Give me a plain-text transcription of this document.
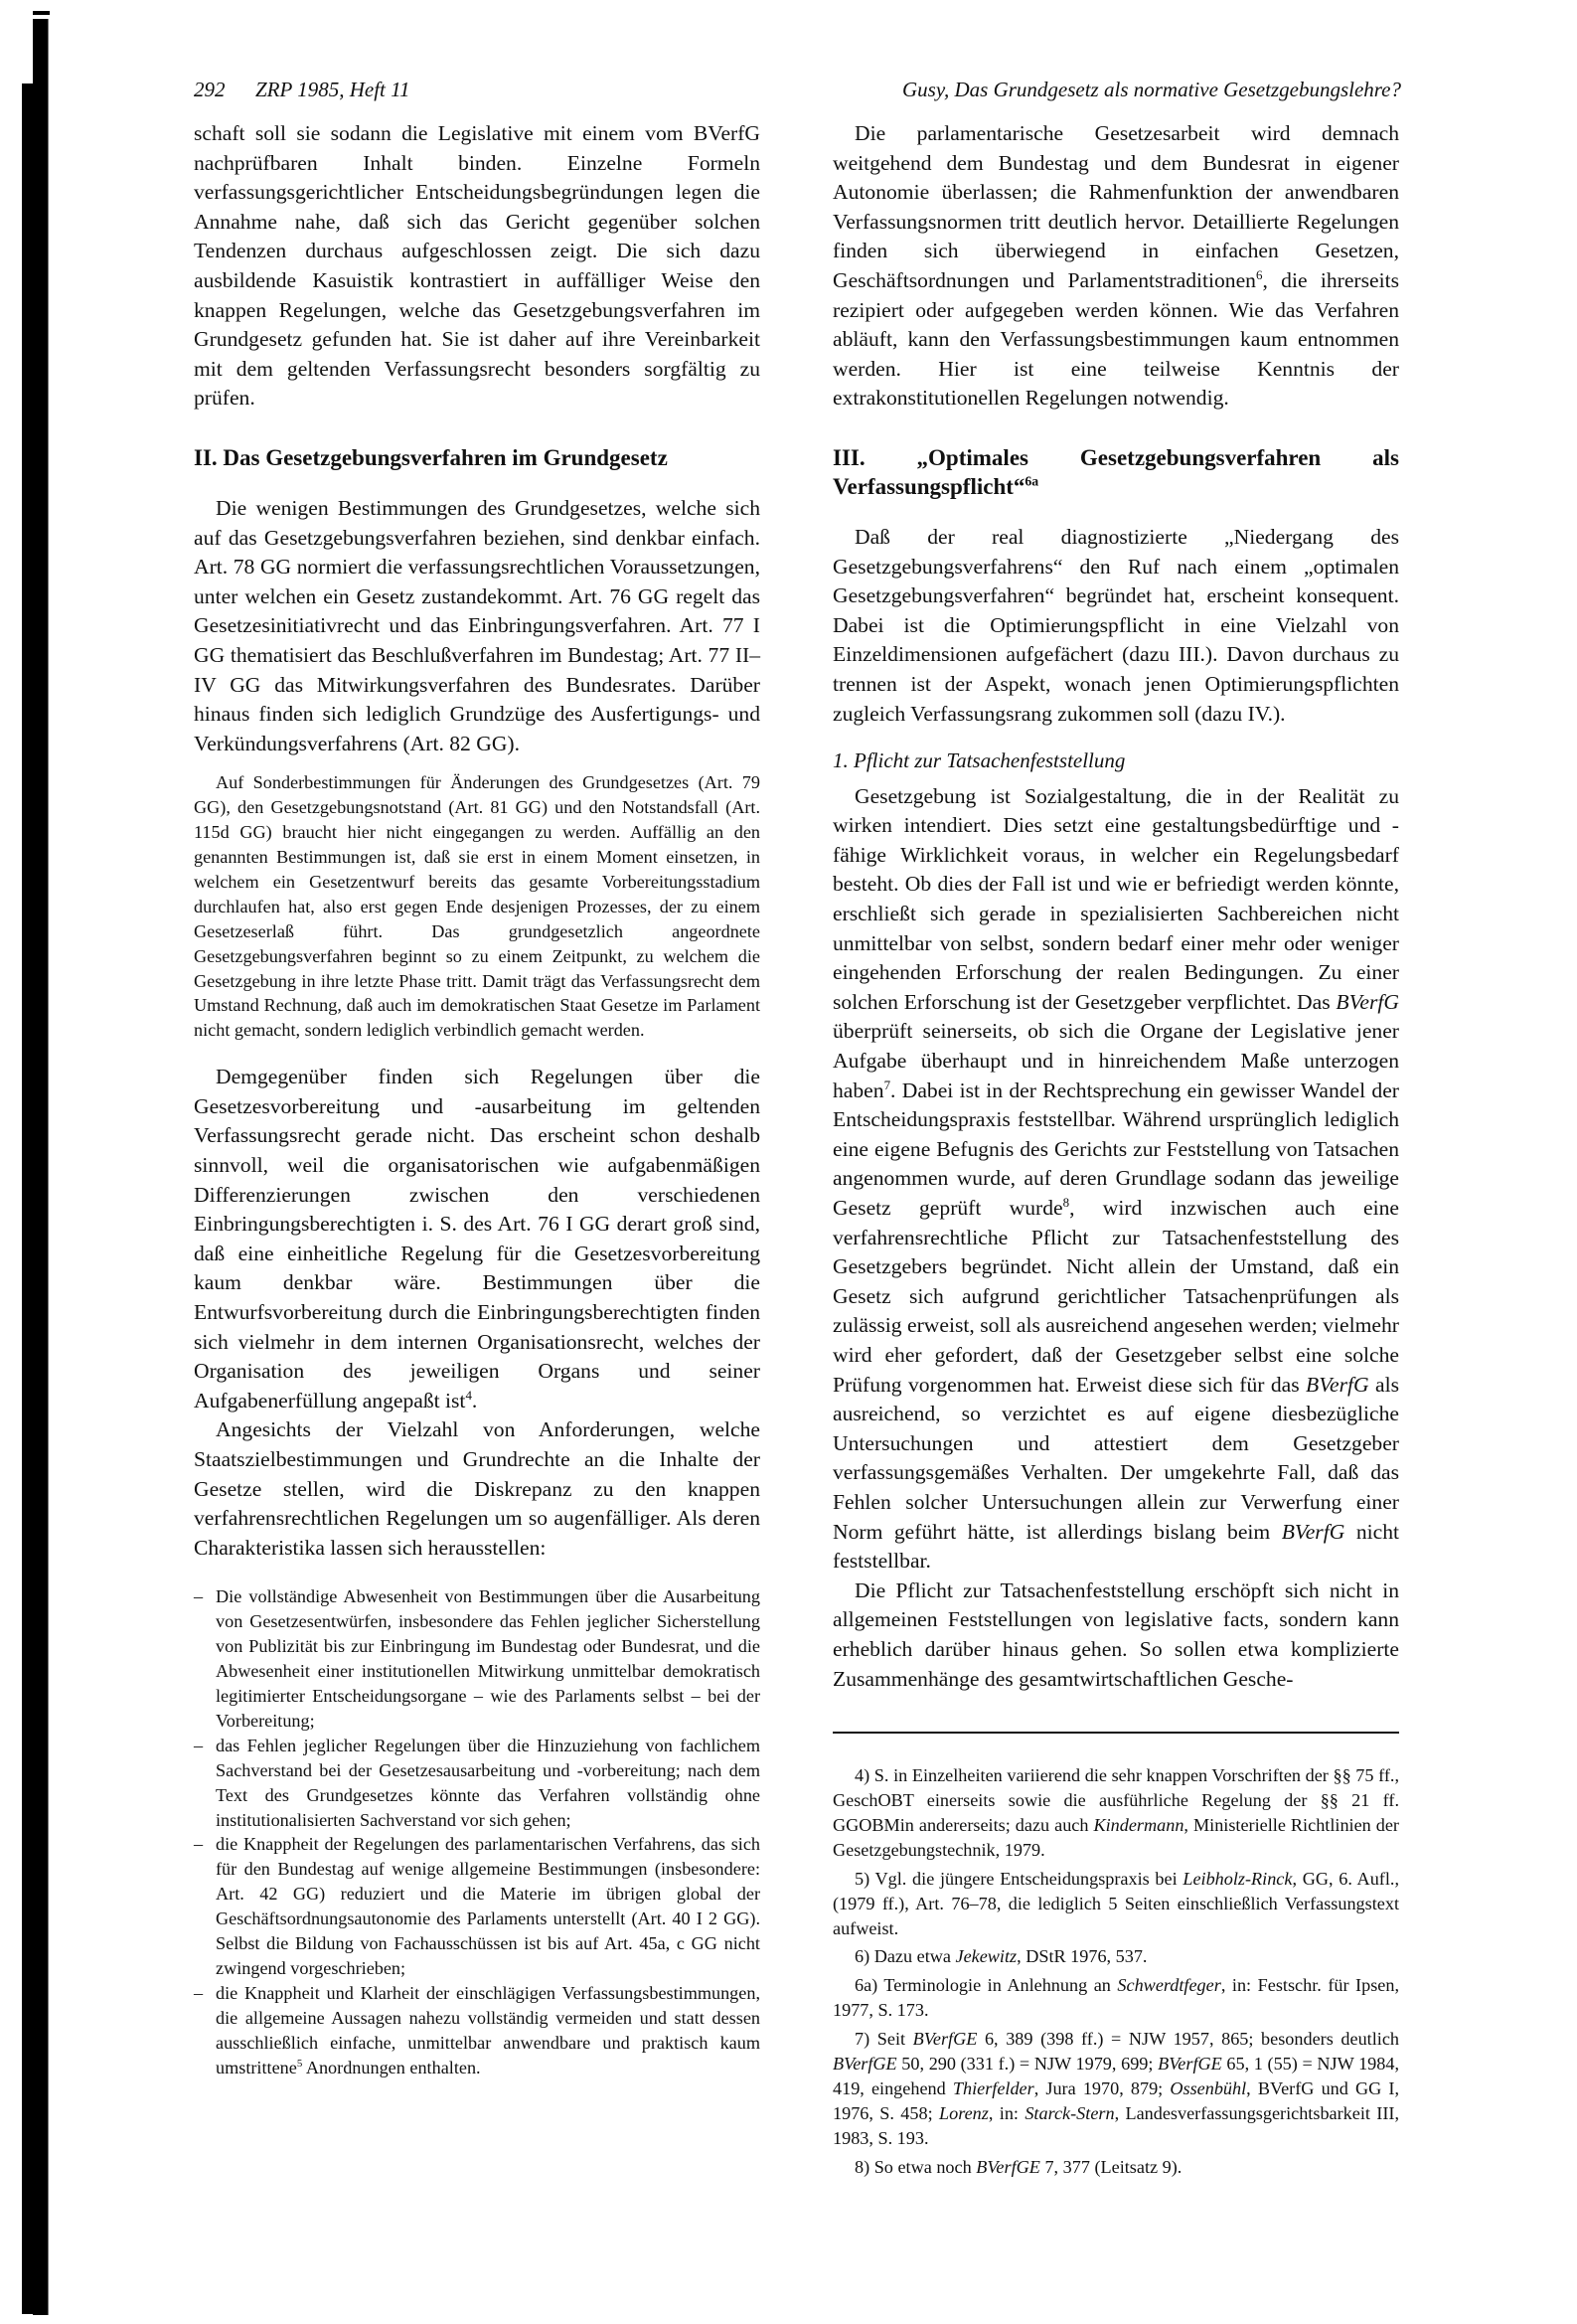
292 ZRP 1985, Heft 11	Gusy, Das Grundgesetz als normative Gesetzgebungslehre?

schaft soll sie sodann die Legislative mit einem vom BVerfG nachprüfbaren Inhalt binden. Einzelne Formeln verfassungsgerichtlicher Entscheidungsbegründungen legen die Annahme nahe, daß sich das Gericht gegenüber solchen Tendenzen durchaus aufgeschlossen zeigt. Die sich dazu ausbildende Kasuistik kontrastiert in auffälliger Weise den knappen Regelungen, welche das Gesetzgebungsverfahren im Grundgesetz gefunden hat. Sie ist daher auf ihre Vereinbarkeit mit dem geltenden Verfassungsrecht besonders sorgfältig zu prüfen.

II. Das Gesetzgebungsverfahren im Grundgesetz

Die wenigen Bestimmungen des Grundgesetzes, welche sich auf das Gesetzgebungsverfahren beziehen, sind denkbar einfach. Art. 78 GG normiert die verfassungsrechtlichen Voraussetzungen, unter welchen ein Gesetz zustandekommt. Art. 76 GG regelt das Gesetzesinitiativrecht und das Einbringungsverfahren. Art. 77 I GG thematisiert das Beschlußverfahren im Bundestag; Art. 77 II–IV GG das Mitwirkungsverfahren des Bundesrates. Darüber hinaus finden sich lediglich Grundzüge des Ausfertigungs- und Verkündungsverfahrens (Art. 82 GG).

Auf Sonderbestimmungen für Änderungen des Grundgesetzes (Art. 79 GG), den Gesetzgebungsnotstand (Art. 81 GG) und den Notstandsfall (Art. 115d GG) braucht hier nicht eingegangen zu werden. Auffällig an den genannten Bestimmungen ist, daß sie erst in einem Moment einsetzen, in welchem ein Gesetzentwurf bereits das gesamte Vorbereitungsstadium durchlaufen hat, also erst gegen Ende desjenigen Prozesses, der zu einem Gesetzeserlaß führt. Das grundgesetzlich angeordnete Gesetzgebungsverfahren beginnt so zu einem Zeitpunkt, zu welchem die Gesetzgebung in ihre letzte Phase tritt. Damit trägt das Verfassungsrecht dem Umstand Rechnung, daß auch im demokratischen Staat Gesetze im Parlament nicht gemacht, sondern lediglich verbindlich gemacht werden.

Demgegenüber finden sich Regelungen über die Gesetzesvorbereitung und -ausarbeitung im geltenden Verfassungsrecht gerade nicht. Das erscheint schon deshalb sinnvoll, weil die organisatorischen wie aufgabenmäßigen Differenzierungen zwischen den verschiedenen Einbringungsberechtigten i. S. des Art. 76 I GG derart groß sind, daß eine einheitliche Regelung für die Gesetzesvorbereitung kaum denkbar wäre. Bestimmungen über die Entwurfsvorbereitung durch die Einbringungsberechtigten finden sich vielmehr in dem internen Organisationsrecht, welches der Organisation des jeweiligen Organs und seiner Aufgabenerfüllung angepaßt ist$^4$.

Angesichts der Vielzahl von Anforderungen, welche Staatszielbestimmungen und Grundrechte an die Inhalte der Gesetze stellen, wird die Diskrepanz zu den knappen verfahrensrechtlichen Regelungen um so augenfälliger. Als deren Charakteristika lassen sich herausstellen:

– Die vollständige Abwesenheit von Bestimmungen über die Ausarbeitung von Gesetzesentwürfen, insbesondere das Fehlen jeglicher Sicherstellung von Publizität bis zur Einbringung im Bundestag oder Bundesrat, und die Abwesenheit einer institutionellen Mitwirkung unmittelbar demokratisch legitimierter Entscheidungsorgane – wie des Parlaments selbst – bei der Vorbereitung;
– das Fehlen jeglicher Regelungen über die Hinzuziehung von fachlichem Sachverstand bei der Gesetzesausarbeitung und -vorbereitung; nach dem Text des Grundgesetzes könnte das Verfahren vollständig ohne institutionalisierten Sachverstand vor sich gehen;
– die Knappheit der Regelungen des parlamentarischen Verfahrens, das sich für den Bundestag auf wenige allgemeine Bestimmungen (insbesondere: Art. 42 GG) reduziert und die Materie im übrigen global der Geschäftsordnungsautonomie des Parlaments unterstellt (Art. 40 I 2 GG). Selbst die Bildung von Fachausschüssen ist bis auf Art. 45a, c GG nicht zwingend vorgeschrieben;
– die Knappheit und Klarheit der einschlägigen Verfassungsbestimmungen, die allgemeine Aussagen nahezu vollständig vermeiden und statt dessen ausschließlich einfache, unmittelbar anwendbare und praktisch kaum umstrittene$^5$ Anordnungen enthalten.

Die parlamentarische Gesetzesarbeit wird demnach weitgehend dem Bundestag und dem Bundesrat in eigener Autonomie überlassen; die Rahmenfunktion der anwendbaren Verfassungsnormen tritt deutlich hervor. Detaillierte Regelungen finden sich überwiegend in einfachen Gesetzen, Geschäftsordnungen und Parlamentstraditionen$^6$, die ihrerseits rezipiert oder aufgegeben werden können. Wie das Verfahren abläuft, kann den Verfassungsbestimmungen kaum entnommen werden. Hier ist eine teilweise Kenntnis der extrakonstitutionellen Regelungen notwendig.

III. „Optimales Gesetzgebungsverfahren als Verfassungspflicht“$^{6a}$

Daß der real diagnostizierte „Niedergang des Gesetzgebungsverfahrens“ den Ruf nach einem „optimalen Gesetzgebungsverfahren“ begründet hat, erscheint konsequent. Dabei ist die Optimierungspflicht in eine Vielzahl von Einzeldimensionen aufgefächert (dazu III.). Davon durchaus zu trennen ist der Aspekt, wonach jenen Optimierungspflichten zugleich Verfassungsrang zukommen soll (dazu IV.).

1. Pflicht zur Tatsachenfeststellung

Gesetzgebung ist Sozialgestaltung, die in der Realität zu wirken intendiert. Dies setzt eine gestaltungsbedürftige und -fähige Wirklichkeit voraus, in welcher ein Regelungsbedarf besteht. Ob dies der Fall ist und wie er befriedigt werden könnte, erschließt sich gerade in spezialisierten Sachbereichen nicht unmittelbar von selbst, sondern bedarf einer mehr oder weniger eingehenden Erforschung der realen Bedingungen. Zu einer solchen Erforschung ist der Gesetzgeber verpflichtet. Das BVerfG überprüft seinerseits, ob sich die Organe der Legislative jener Aufgabe überhaupt und in hinreichendem Maße unterzogen haben$^7$. Dabei ist in der Rechtsprechung ein gewisser Wandel der Entscheidungspraxis feststellbar. Während ursprünglich lediglich eine eigene Befugnis des Gerichts zur Feststellung von Tatsachen angenommen wurde, auf deren Grundlage sodann das jeweilige Gesetz geprüft wurde$^8$, wird inzwischen auch eine verfahrensrechtliche Pflicht zur Tatsachenfeststellung des Gesetzgebers begründet. Nicht allein der Umstand, daß ein Gesetz sich aufgrund gerichtlicher Tatsachenprüfungen als zulässig erweist, soll als ausreichend angesehen werden; vielmehr wird eher gefordert, daß der Gesetzgeber selbst eine solche Prüfung vorgenommen hat. Erweist diese sich für das BVerfG als ausreichend, so verzichtet es auf eigene diesbezügliche Untersuchungen und attestiert dem Gesetzgeber verfassungsgemäßes Verhalten. Der umgekehrte Fall, daß das Fehlen solcher Untersuchungen allein zur Verwerfung einer Norm geführt hätte, ist allerdings bislang beim BVerfG nicht feststellbar.

Die Pflicht zur Tatsachenfeststellung erschöpft sich nicht in allgemeinen Feststellungen von legislative facts, sondern kann erheblich darüber hinaus gehen. So sollen etwa komplizierte Zusammenhänge des gesamtwirtschaftlichen Gesche-

4) S. in Einzelheiten variierend die sehr knappen Vorschriften der §§ 75 ff., GeschOBT einerseits sowie die ausführliche Regelung der §§ 21 ff. GGOBMin andererseits; dazu auch Kindermann, Ministerielle Richtlinien der Gesetzgebungstechnik, 1979.

5) Vgl. die jüngere Entscheidungspraxis bei Leibholz-Rinck, GG, 6. Aufl., (1979 ff.), Art. 76–78, die lediglich 5 Seiten einschließlich Verfassungstext aufweist.

6) Dazu etwa Jekewitz, DStR 1976, 537.

6a) Terminologie in Anlehnung an Schwerdtfeger, in: Festschr. für Ipsen, 1977, S. 173.

7) Seit BVerfGE 6, 389 (398 ff.) = NJW 1957, 865; besonders deutlich BVerfGE 50, 290 (331 f.) = NJW 1979, 699; BVerfGE 65, 1 (55) = NJW 1984, 419, eingehend Thierfelder, Jura 1970, 879; Ossenbühl, BVerfG und GG I, 1976, S. 458; Lorenz, in: Starck-Stern, Landesverfassungsgerichtsbarkeit III, 1983, S. 193.

8) So etwa noch BVerfGE 7, 377 (Leitsatz 9).
